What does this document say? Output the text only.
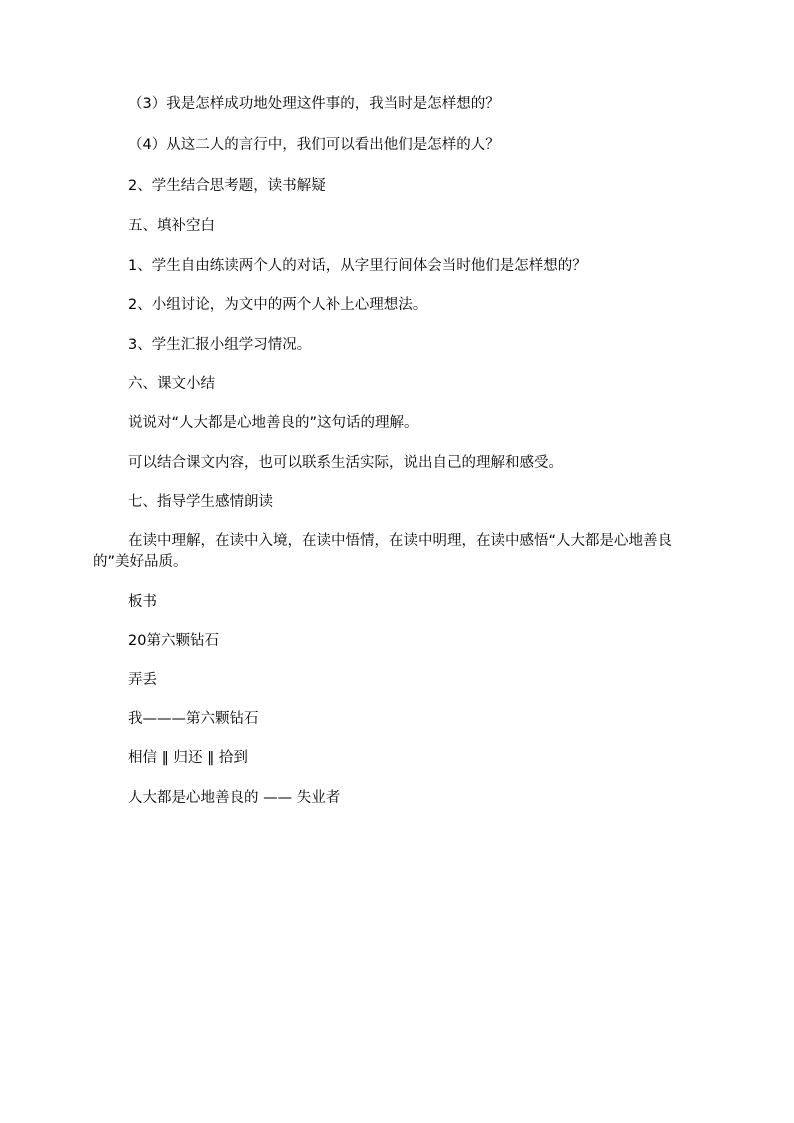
（3）我是怎样成功地处理这件事的，我当时是怎样想的？

（4）从这二人的言行中，我们可以看出他们是怎样的人？

2、学生结合思考题，读书解疑

五、填补空白

1、学生自由练读两个人的对话，从字里行间体会当时他们是怎样想的？

2、小组讨论，为文中的两个人补上心理想法。

3、学生汇报小组学习情况。

六、课文小结

说说对“人大都是心地善良的”这句话的理解。

可以结合课文内容，也可以联系生活实际，说出自己的理解和感受。

七、指导学生感情朗读

在读中理解，在读中入境，在读中悟情，在读中明理，在读中感悟“人大都是心地善良的”美好品质。

板书

20第六颗钻石

弄丢

我———第六颗钻石

相信 ‖ 归还 ‖ 拾到

人大都是心地善良的 —— 失业者
